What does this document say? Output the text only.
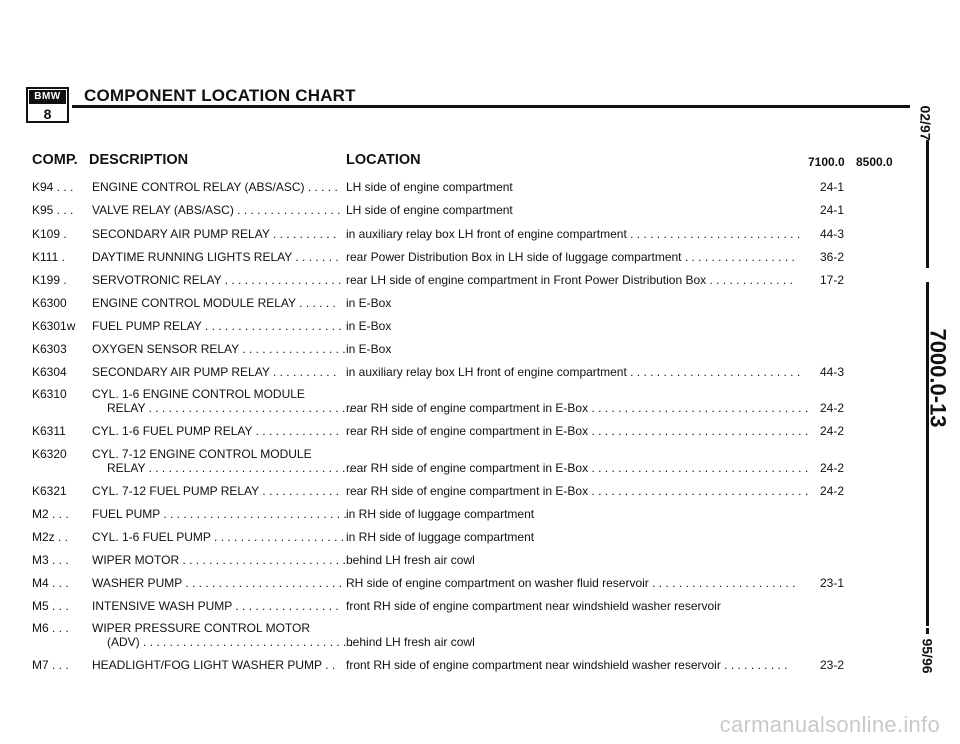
BMW
8
COMPONENT LOCATION CHART
COMP. DESCRIPTION	LOCATION	7100.0 8500.0
K94 . . .	ENGINE CONTROL RELAY (ABS/ASC) . . . . . LH side of engine compartment	24-1
K95 . . .	VALVE RELAY (ABS/ASC) . . . . . . . . . . . . . . . . LH side of engine compartment	24-1
K109 .	SECONDARY AIR PUMP RELAY . . . . . . . . . . in auxiliary relay box LH front of engine compartment . . . . . . . . . . . . . . . . . . . . . . . . . .	44-3
K111 .	DAYTIME RUNNING LIGHTS RELAY . . . . . . . rear Power Distribution Box in LH side of luggage compartment . . . . . . . . . . . . . . . . .	36-2
K199 .	SERVOTRONIC RELAY . . . . . . . . . . . . . . . . . . rear LH side of engine compartment in Front Power Distribution Box . . . . . . . . . . . . .	17-2
K6300	ENGINE CONTROL MODULE RELAY . . . . . . in E-Box
K6301w	FUEL PUMP RELAY . . . . . . . . . . . . . . . . . . . . . in E-Box
K6303	OXYGEN SENSOR RELAY . . . . . . . . . . . . . . . . in E-Box
K6304	SECONDARY AIR PUMP RELAY . . . . . . . . . . in auxiliary relay box LH front of engine compartment . . . . . . . . . . . . . . . . . . . . . . . . . .	44-3
K6310	CYL. 1-6 ENGINE CONTROL MODULE
RELAY . . . . . . . . . . . . . . . . . . . . . . . . . . . . . . .
rear RH side of engine compartment in E-Box . . . . . . . . . . . . . . . . . . . . . . . . . . . . . . . . . 24-2
K6311	CYL. 1-6 FUEL PUMP RELAY . . . . . . . . . . . . . rear RH side of engine compartment in E-Box . . . . . . . . . . . . . . . . . . . . . . . . . . . . . . . . . 24-2
K6320	CYL. 7-12 ENGINE CONTROL MODULE
RELAY . . . . . . . . . . . . . . . . . . . . . . . . . . . . . . .
rear RH side of engine compartment in E-Box . . . . . . . . . . . . . . . . . . . . . . . . . . . . . . . . . 24-2
K6321	CYL. 7-12 FUEL PUMP RELAY . . . . . . . . . . . . rear RH side of engine compartment in E-Box . . . . . . . . . . . . . . . . . . . . . . . . . . . . . . . . . 24-2
M2 . . .	FUEL PUMP . . . . . . . . . . . . . . . . . . . . . . . . . . . . in RH side of luggage compartment
M2z . .	CYL. 1-6 FUEL PUMP . . . . . . . . . . . . . . . . . . . . in RH side of luggage compartment
M3 . . .	WIPER MOTOR . . . . . . . . . . . . . . . . . . . . . . . . . behind LH fresh air cowl
M4 . . .	WASHER PUMP . . . . . . . . . . . . . . . . . . . . . . . . RH side of engine compartment on washer fluid reservoir . . . . . . . . . . . . . . . . . . . . . .	23-1
M5 . . .	INTENSIVE WASH PUMP . . . . . . . . . . . . . . . . front RH side of engine compartment near windshield washer reservoir
M6 . . .	WIPER PRESSURE CONTROL MOTOR
(ADV) . . . . . . . . . . . . . . . . . . . . . . . . . . . . . . . .
behind LH fresh air cowl
M7 . . .	HEADLIGHT/FOG LIGHT WASHER PUMP . . front RH side of engine compartment near windshield washer reservoir . . . . . . . . . .	23-2
02/97
7000.0-13
95/96
carmanualsonline.info
